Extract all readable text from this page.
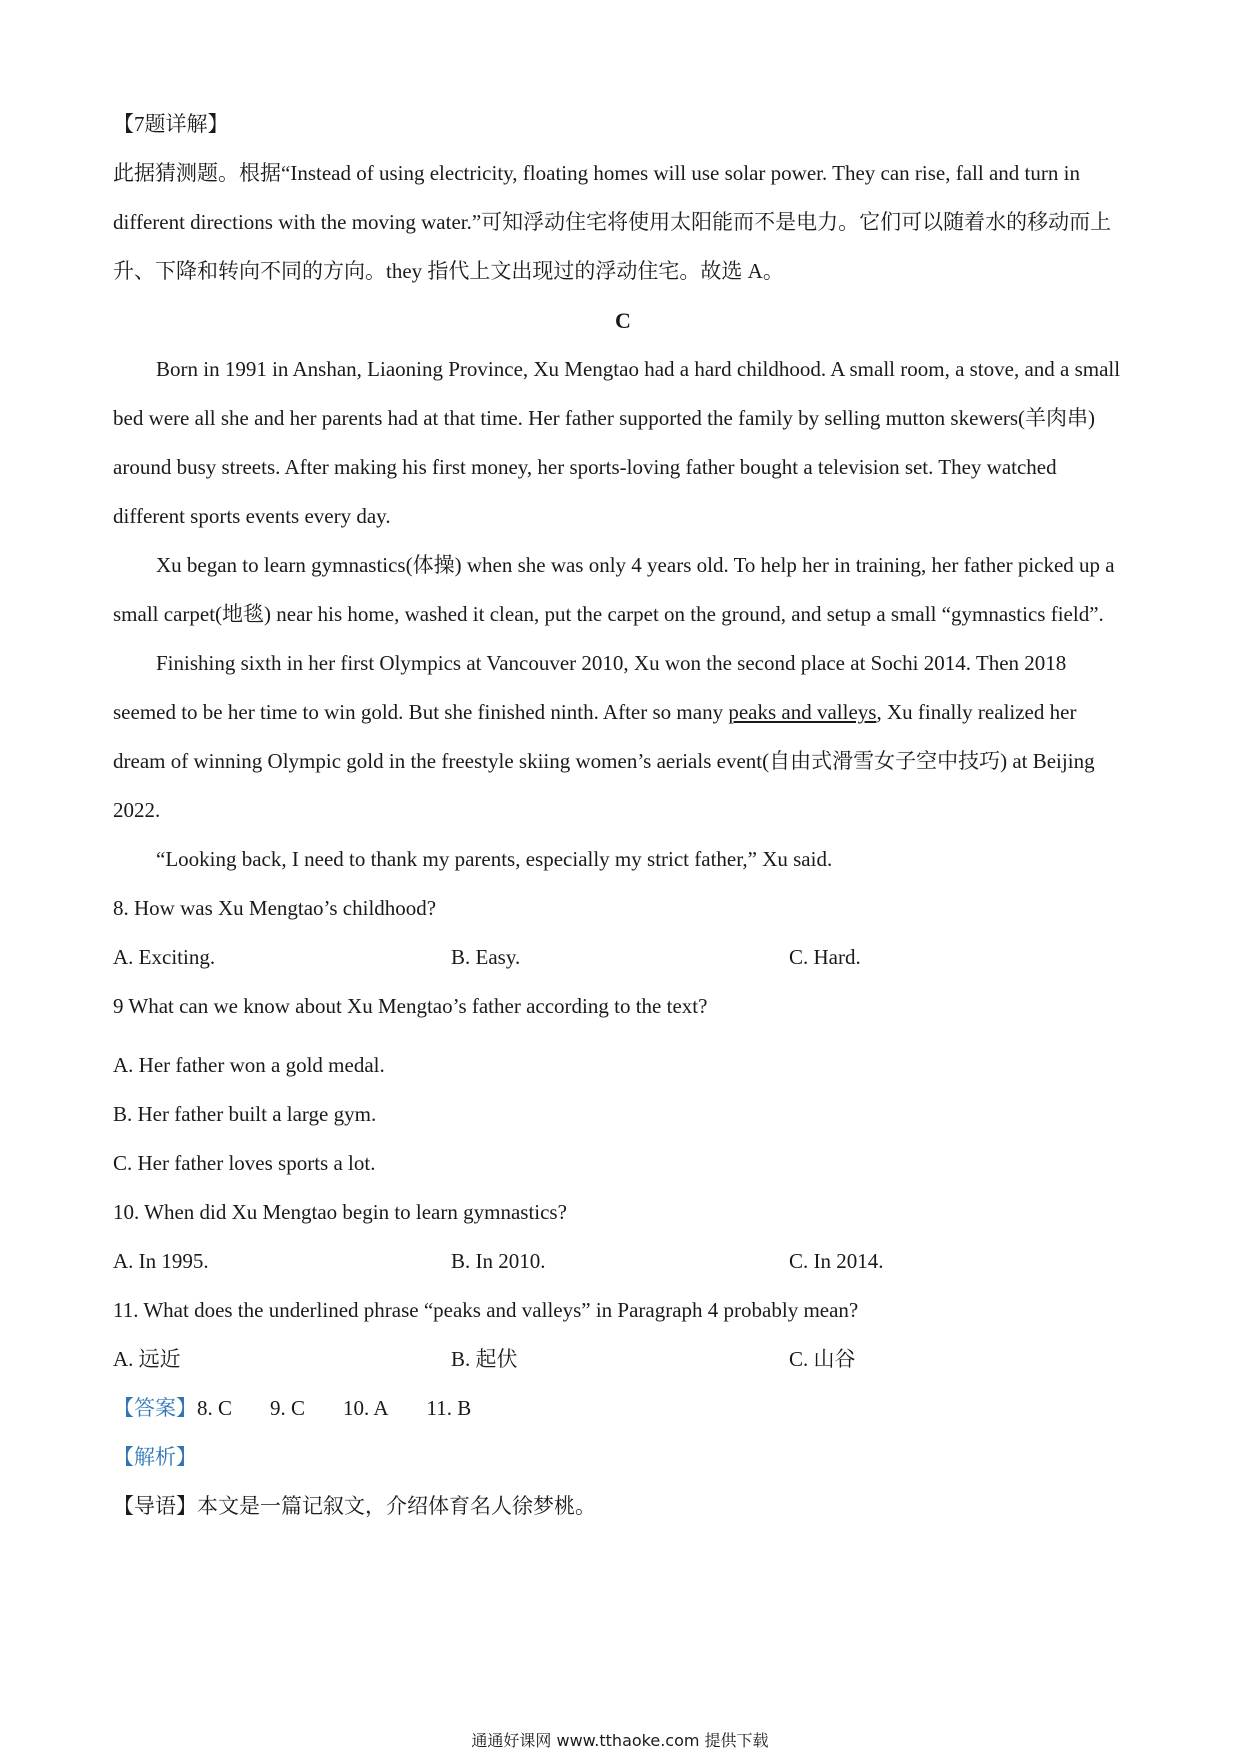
【7题详解】
此据猜测题。根据“Instead of using electricity, floating homes will use solar power. They can rise, fall and turn in different directions with the moving water.”可知浮动住宅将使用太阳能而不是电力。它们可以随着水的移动而上升、下降和转向不同的方向。they 指代上文出现过的浮动住宅。故选 A。
C
Born in 1991 in Anshan, Liaoning Province, Xu Mengtao had a hard childhood. A small room, a stove, and a small bed were all she and her parents had at that time. Her father supported the family by selling mutton skewers(羊肉串) around busy streets. After making his first money, her sports-loving father bought a television set. They watched different sports events every day.
Xu began to learn gymnastics(体操) when she was only 4 years old. To help her in training, her father picked up a small carpet(地毯) near his home, washed it clean, put the carpet on the ground, and setup a small “gymnastics field”.
Finishing sixth in her first Olympics at Vancouver 2010, Xu won the second place at Sochi 2014. Then 2018 seemed to be her time to win gold. But she finished ninth. After so many peaks and valleys, Xu finally realized her dream of winning Olympic gold in the freestyle skiing women’s aerials event(自由式滑雪女子空中技巧) at Beijing 2022.
“Looking back, I need to thank my parents, especially my strict father,” Xu said.
8. How was Xu Mengtao’s childhood?
A. Exciting.	B. Easy.	C. Hard.
9 What can we know about Xu Mengtao’s father according to the text?
A. Her father won a gold medal.
B. Her father built a large gym.
C. Her father loves sports a lot.
10. When did Xu Mengtao begin to learn gymnastics?
A. In 1995.	B. In 2010.	C. In 2014.
11. What does the underlined phrase “peaks and valleys” in Paragraph 4 probably mean?
A. 远近	B. 起伏	C. 山谷
【答案】8. C 9. C 10. A 11. B
【解析】
【导语】本文是一篇记叙文，介绍体育名人徐梦桃。
通通好课网 www.tthaoke.com 提供下载
